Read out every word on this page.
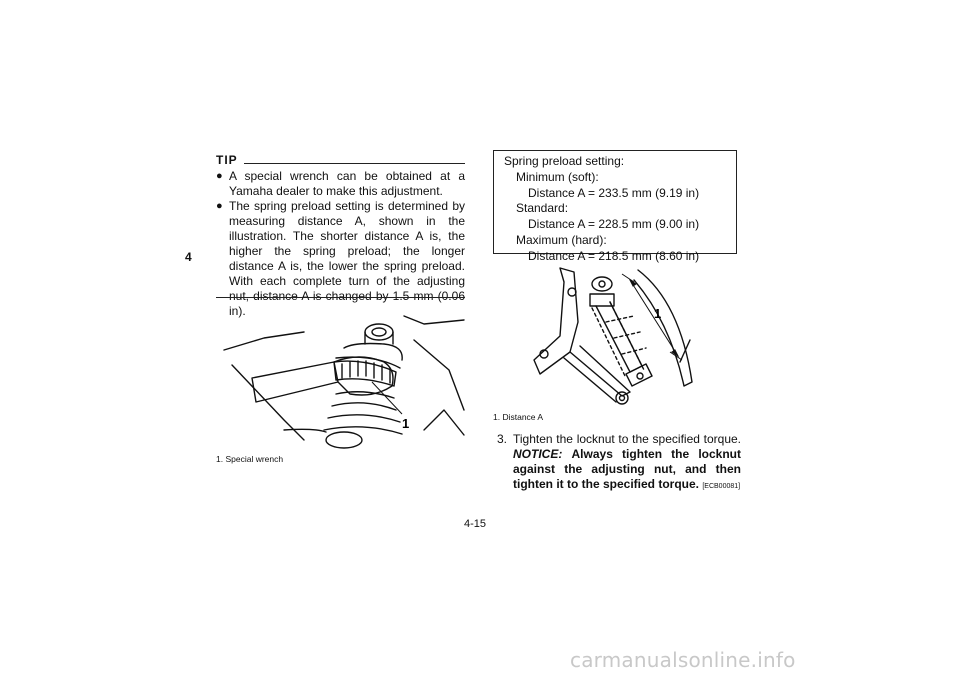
4
TIP
● A special wrench can be obtained at a Yamaha dealer to make this adjustment.
● The spring preload setting is determined by measuring distance A, shown in the illustration. The shorter distance A is, the higher the spring preload; the longer distance A is, the lower the spring preload. With each complete turn of the adjusting nut, distance A is changed by 1.5 mm (0.06 in).
1
1. Special wrench
Spring preload setting:
Minimum (soft):
Distance A = 233.5 mm (9.19 in)
Standard:
Distance A = 228.5 mm (9.00 in)
Maximum (hard):
Distance A = 218.5 mm (8.60 in)
1
1. Distance A
3. Tighten the locknut to the specified torque. NOTICE: Always tighten the locknut against the adjusting nut, and then tighten it to the specified torque. [ECB00081]
4-15
carmanualsonline.info
